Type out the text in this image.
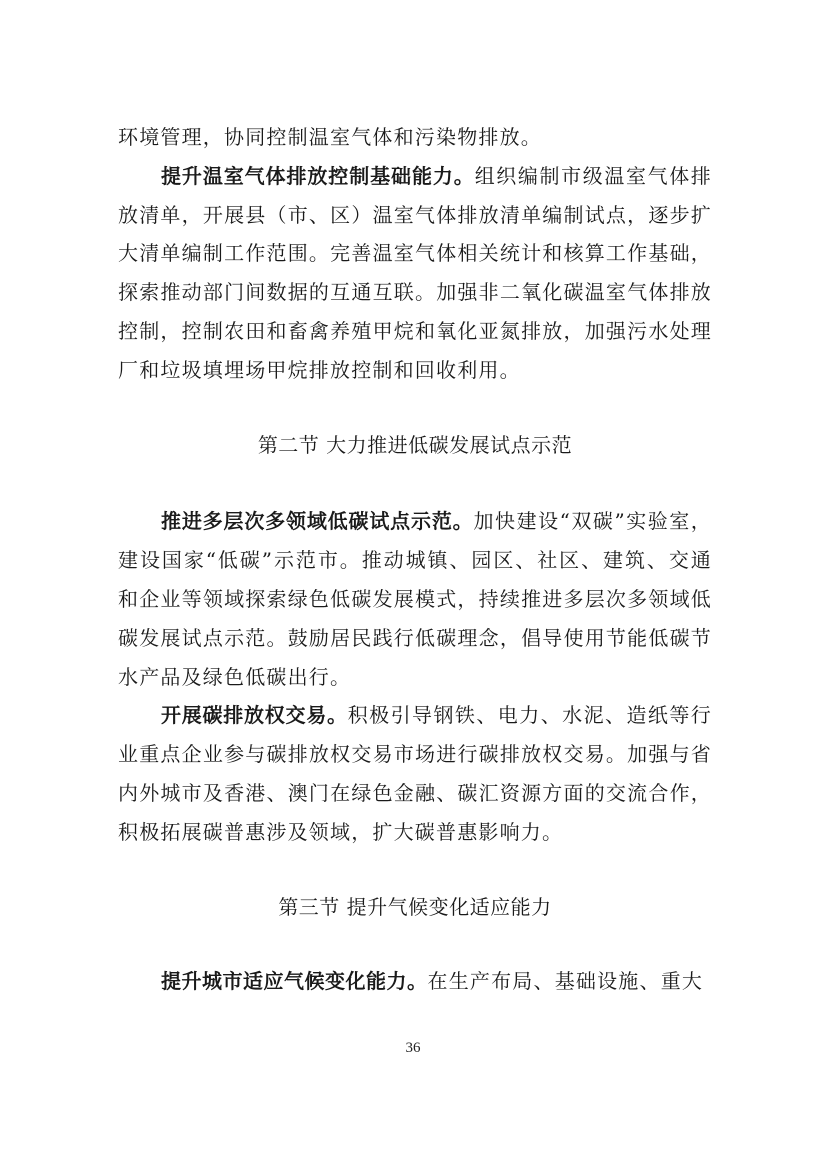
环境管理，协同控制温室气体和污染物排放。

提升温室气体排放控制基础能力。组织编制市级温室气体排放清单，开展县（市、区）温室气体排放清单编制试点，逐步扩大清单编制工作范围。完善温室气体相关统计和核算工作基础，探索推动部门间数据的互通互联。加强非二氧化碳温室气体排放控制，控制农田和畜禽养殖甲烷和氧化亚氮排放，加强污水处理厂和垃圾填埋场甲烷排放控制和回收利用。

第二节 大力推进低碳发展试点示范

推进多层次多领域低碳试点示范。加快建设“双碳”实验室，建设国家“低碳”示范市。推动城镇、园区、社区、建筑、交通和企业等领域探索绿色低碳发展模式，持续推进多层次多领域低碳发展试点示范。鼓励居民践行低碳理念，倡导使用节能低碳节水产品及绿色低碳出行。

开展碳排放权交易。积极引导钢铁、电力、水泥、造纸等行业重点企业参与碳排放权交易市场进行碳排放权交易。加强与省内外城市及香港、澳门在绿色金融、碳汇资源方面的交流合作，积极拓展碳普惠涉及领域，扩大碳普惠影响力。

第三节 提升气候变化适应能力

提升城市适应气候变化能力。在生产布局、基础设施、重大

36
